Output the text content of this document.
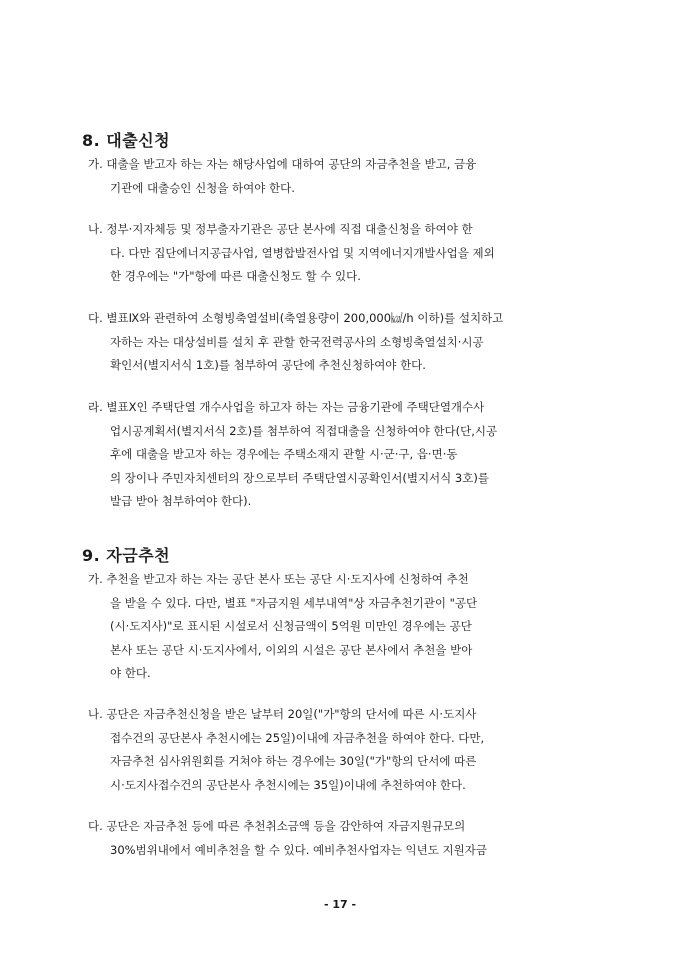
8. 대출신청
가. 대출을 받고자 하는 자는 해당사업에 대하여 공단의 자금추천을 받고, 금융
기관에 대출승인 신청을 하여야 한다.
나. 정부·지자체등 및 정부출자기관은 공단 본사에 직접 대출신청을 하여야 한
다. 다만 집단에너지공급사업, 열병합발전사업 및 지역에너지개발사업을 제외
한 경우에는 "가"항에 따른 대출신청도 할 수 있다.
다. 별표Ⅸ와 관련하여 소형빙축열설비(축열용량이 200,000㎉/h 이하)를 설치하고
자하는 자는 대상설비를 설치 후 관할 한국전력공사의 소형빙축열설치·시공
확인서(별지서식 1호)를 첨부하여 공단에 추천신청하여야 한다.
라. 별표Ⅹ인 주택단열 개수사업을 하고자 하는 자는 금융기관에 주택단열개수사
업시공계획서(별지서식 2호)를 첨부하여 직접대출을 신청하여야 한다(단,시공
후에 대출을 받고자 하는 경우에는 주택소재지 관할 시·군·구, 읍·면·동
의 장이나 주민자치센터의 장으로부터 주택단열시공확인서(별지서식 3호)를
발급 받아 첨부하여야 한다).
9. 자금추천
가. 추천을 받고자 하는 자는 공단 본사 또는 공단 시·도지사에 신청하여 추천
을 받을 수 있다. 다만, 별표 "자금지원 세부내역"상 자금추천기관이 "공단
(시·도지사)"로 표시된 시설로서 신청금액이 5억원 미만인 경우에는 공단
본사 또는 공단 시·도지사에서, 이외의 시설은 공단 본사에서 추천을 받아
야 한다.
나. 공단은 자금추천신청을 받은 날부터 20일("가"항의 단서에 따른 시·도지사
접수건의 공단본사 추천시에는 25일)이내에 자금추천을 하여야 한다. 다만,
자금추천 심사위원회를 거쳐야 하는 경우에는 30일("가"항의 단서에 따른
시·도지사접수건의 공단본사 추천시에는 35일)이내에 추천하여야 한다.
다. 공단은 자금추천 등에 따른 추천취소금액 등을 감안하여 자금지원규모의
30%범위내에서 예비추천을 할 수 있다. 예비추천사업자는 익년도 지원자금
- 17 -
